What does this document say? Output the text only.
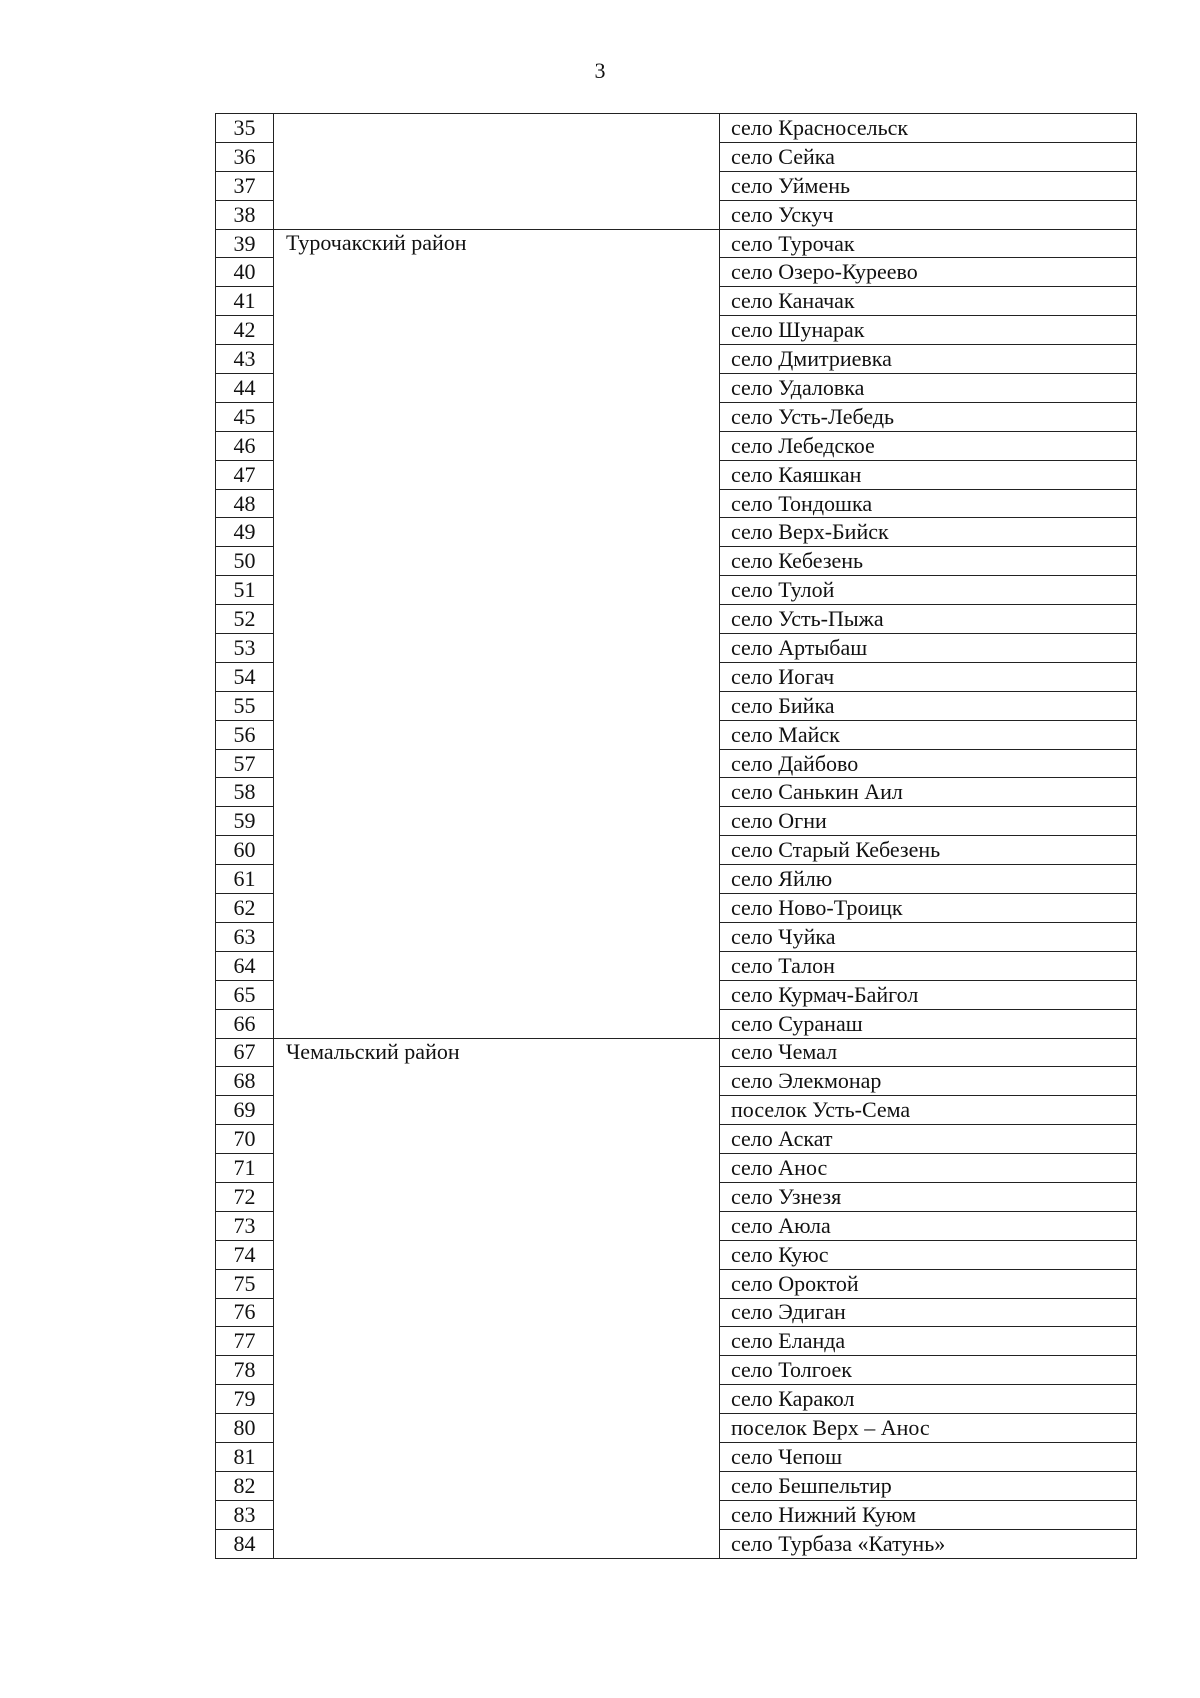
3
35		село Красносельск
36		село Сейка
37		село Уймень
38		село Ускуч
39	Турочакский район	село Турочак
40		село Озеро-Куреево
41		село Каначак
42		село Шунарак
43		село Дмитриевка
44		село Удаловка
45		село Усть-Лебедь
46		село Лебедское
47		село Каяшкан
48		село Тондошка
49		село Верх-Бийск
50		село Кебезень
51		село Тулой
52		село Усть-Пыжа
53		село Артыбаш
54		село Иогач
55		село Бийка
56		село Майск
57		село Дайбово
58		село Санькин Аил
59		село Огни
60		село Старый Кебезень
61		село Яйлю
62		село Ново-Троицк
63		село Чуйка
64		село Талон
65		село Курмач-Байгол
66		село Суранаш
67	Чемальский район	село Чемал
68		село Элекмонар
69		поселок Усть-Сема
70		село Аскат
71		село Анос
72		село Узнезя
73		село Аюла
74		село Куюс
75		село Ороктой
76		село Эдиган
77		село Еланда
78		село Толгоек
79		село Каракол
80		поселок Верх – Анос
81		село Чепош
82		село Бешпельтир
83		село Нижний Куюм
84		село Турбаза «Катунь»
